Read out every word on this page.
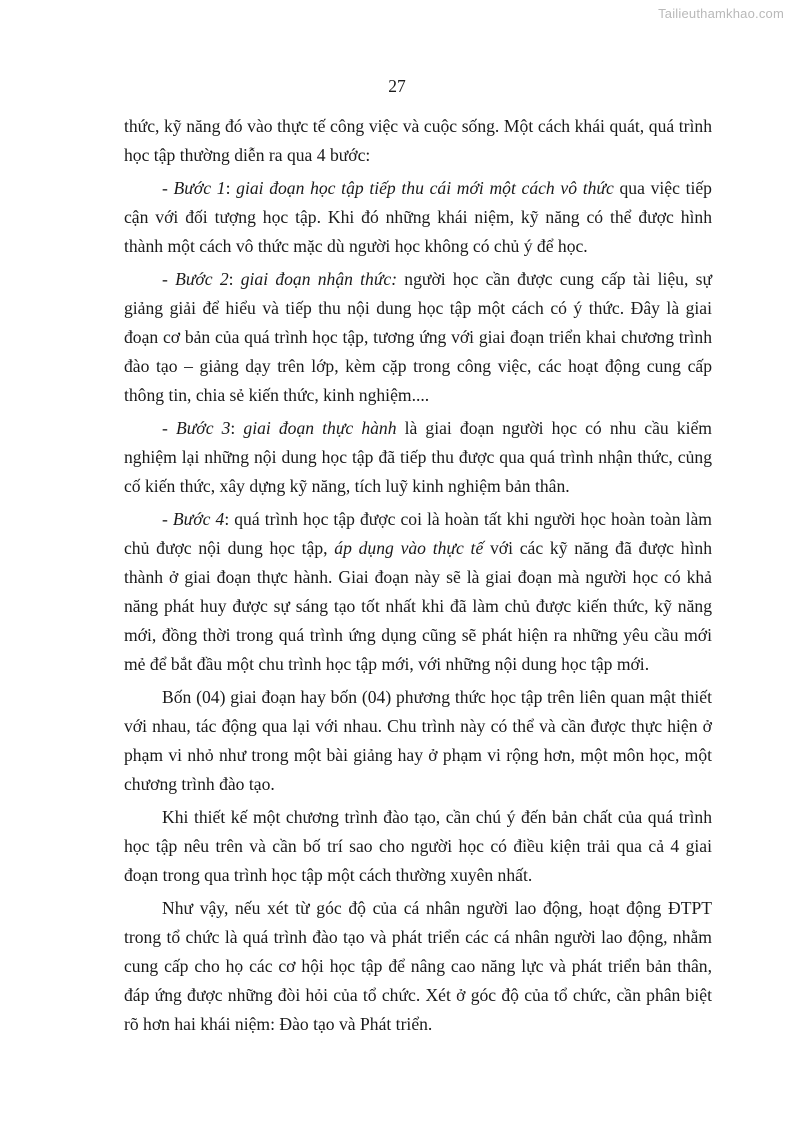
Tailieuthamkhao.com
27

thức, kỹ năng đó vào thực tế công việc và cuộc sống. Một cách khái quát, quá trình học tập thường diễn ra qua 4 bước:

- Bước 1: giai đoạn học tập tiếp thu cái mới một cách vô thức qua việc tiếp cận với đối tượng học tập. Khi đó những khái niệm, kỹ năng có thể được hình thành một cách vô thức mặc dù người học không có chủ ý để học.

- Bước 2: giai đoạn nhận thức: người học cần được cung cấp tài liệu, sự giảng giải để hiểu và tiếp thu nội dung học tập một cách có ý thức. Đây là giai đoạn cơ bản của quá trình học tập, tương ứng với giai đoạn triển khai chương trình đào tạo – giảng dạy trên lớp, kèm cặp trong công việc, các hoạt động cung cấp thông tin, chia sẻ kiến thức, kinh nghiệm....

- Bước 3: giai đoạn thực hành là giai đoạn người học có nhu cầu kiểm nghiệm lại những nội dung học tập đã tiếp thu được qua quá trình nhận thức, củng cố kiến thức, xây dựng kỹ năng, tích luỹ kinh nghiệm bản thân.

- Bước 4: quá trình học tập được coi là hoàn tất khi người học hoàn toàn làm chủ được nội dung học tập, áp dụng vào thực tế với các kỹ năng đã được hình thành ở giai đoạn thực hành. Giai đoạn này sẽ là giai đoạn mà người học có khả năng phát huy được sự sáng tạo tốt nhất khi đã làm chủ được kiến thức, kỹ năng mới, đồng thời trong quá trình ứng dụng cũng sẽ phát hiện ra những yêu cầu mới mẻ để bắt đầu một chu trình học tập mới, với những nội dung học tập mới.

Bốn (04) giai đoạn hay bốn (04) phương thức học tập trên liên quan mật thiết với nhau, tác động qua lại với nhau. Chu trình này có thể và cần được thực hiện ở phạm vi nhỏ như trong một bài giảng hay ở phạm vi rộng hơn, một môn học, một chương trình đào tạo.

Khi thiết kế một chương trình đào tạo, cần chú ý đến bản chất của quá trình học tập nêu trên và cần bố trí sao cho người học có điều kiện trải qua cả 4 giai đoạn trong qua trình học tập một cách thường xuyên nhất.

Như vậy, nếu xét từ góc độ của cá nhân người lao động, hoạt động ĐTPT trong tổ chức là quá trình đào tạo và phát triển các cá nhân người lao động, nhằm cung cấp cho họ các cơ hội học tập để nâng cao năng lực và phát triển bản thân, đáp ứng được những đòi hỏi của tổ chức. Xét ở góc độ của tổ chức, cần phân biệt rõ hơn hai khái niệm: Đào tạo và Phát triển.
